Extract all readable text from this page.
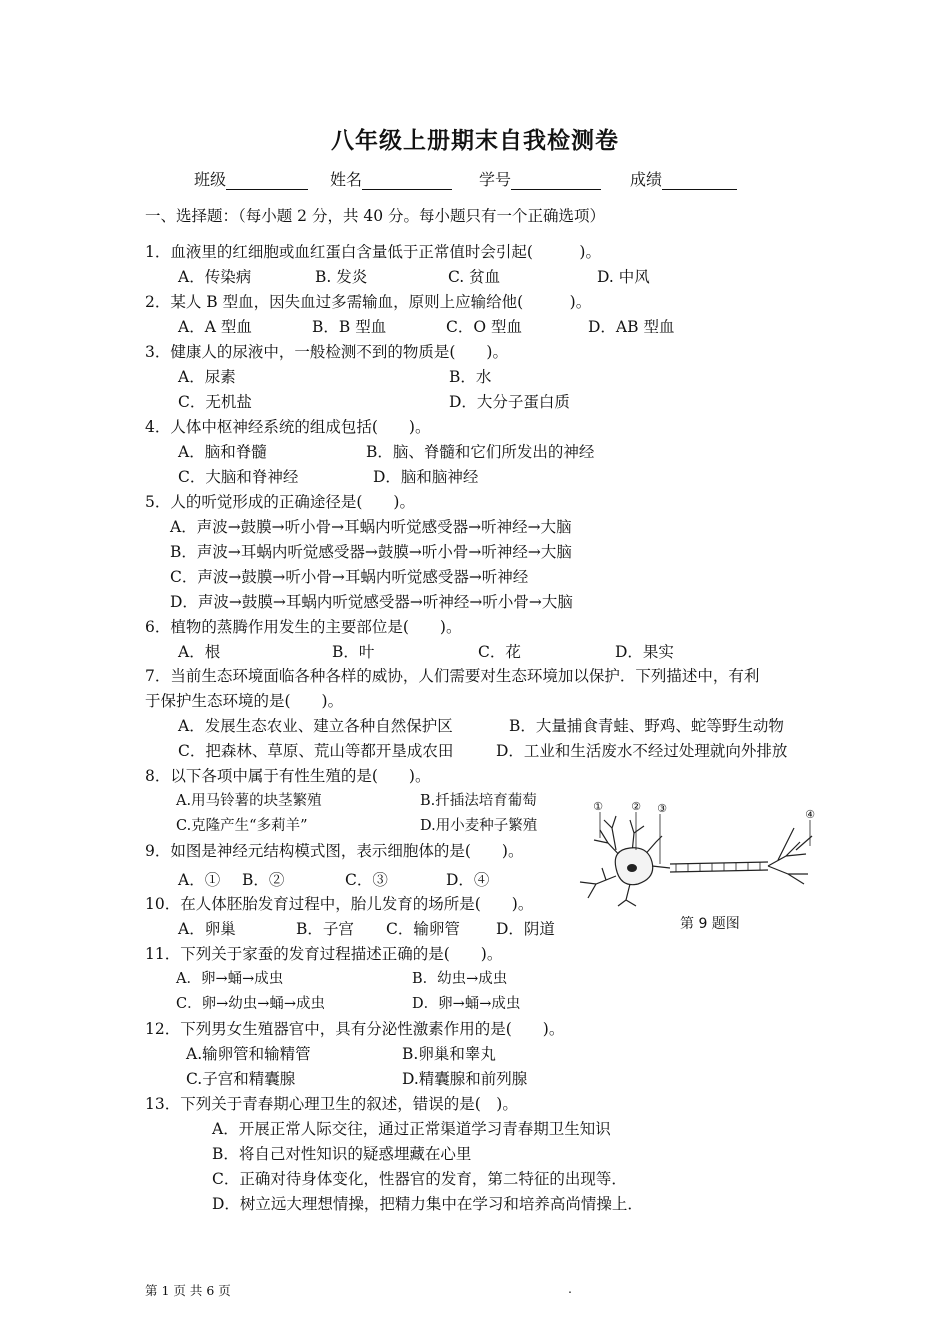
八年级上册期末自我检测卷
班级	姓名	学号	成绩
一、选择题：（每小题 2 分，共 40 分。每小题只有一个正确选项）
1．血液里的红细胞或血红蛋白含量低于正常值时会引起(　　　)。
A．传染病	B. 发炎	C. 贫血	D. 中风
2．某人 B 型血，因失血过多需输血，原则上应输给他(　　　)。
A．A 型血	B．B 型血	C．O 型血	D．AB 型血
3．健康人的尿液中，一般检测不到的物质是(　　)。
A．尿素	B．水
C．无机盐	D．大分子蛋白质
4．人体中枢神经系统的组成包括(　　)。
A．脑和脊髓	B．脑、脊髓和它们所发出的神经
C．大脑和脊神经	D．脑和脑神经
5．人的听觉形成的正确途径是(　　)。
A．声波→鼓膜→听小骨→耳蜗内听觉感受器→听神经→大脑
B．声波→耳蜗内听觉感受器→鼓膜→听小骨→听神经→大脑
C．声波→鼓膜→听小骨→耳蜗内听觉感受器→听神经
D．声波→鼓膜→耳蜗内听觉感受器→听神经→听小骨→大脑
6．植物的蒸腾作用发生的主要部位是(　　)。
A．根	B．叶	C．花	D．果实
7．当前生态环境面临各种各样的威协，人们需要对生态环境加以保护．下列描述中，有利
于保护生态环境的是(　　)。
A．发展生态农业、建立各种自然保护区	B．大量捕食青蛙、野鸡、蛇等野生动物
C．把森林、草原、荒山等都开垦成农田	D．工业和生活废水不经过处理就向外排放
8．以下各项中属于有性生殖的是(　　)。
A.用马铃薯的块茎繁殖	B.扦插法培育葡萄
C.克隆产生“多莉羊”	D.用小麦种子繁殖
9．如图是神经元结构模式图，表示细胞体的是(　　)。
A．① B．②	C．③	D．④
①	② ③	④
第 9 题图
10．在人体胚胎发育过程中，胎儿发育的场所是(　　)。
A．卵巢	B．子宫 C．输卵管 D．阴道
11．下列关于家蚕的发育过程描述正确的是(　　)。
A．卵→蛹→成虫	B．幼虫→成虫
C．卵→幼虫→蛹→成虫	D．卵→蛹→成虫
12．下列男女生殖器官中，具有分泌性激素作用的是(　　)。
A.输卵管和输精管	B.卵巢和睾丸
C.子宫和精囊腺	D.精囊腺和前列腺
13．下列关于青春期心理卫生的叙述，错误的是(　)。
A．开展正常人际交往，通过正常渠道学习青春期卫生知识
B．将自己对性知识的疑惑埋藏在心里
C．正确对待身体变化，性器官的发育，第二特征的出现等．
D．树立远大理想情操，把精力集中在学习和培养高尚情操上．
第 1 页 共 6 页	.
